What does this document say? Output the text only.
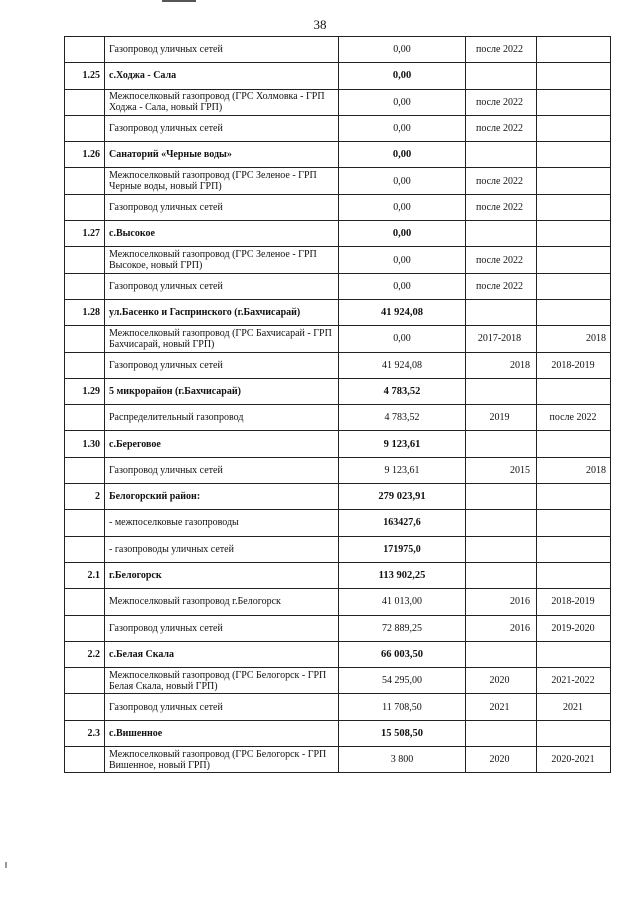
38
	Газопровод уличных сетей	0,00	после 2022	
1.25	с.Ходжа - Сала	0,00		
	Межпоселковый газопровод (ГРС Холмовка - ГРП Ходжа - Сала, новый ГРП)	0,00	после 2022	
	Газопровод уличных сетей	0,00	после 2022	
1.26	Санаторий «Черные воды»	0,00		
	Межпоселковый газопровод (ГРС Зеленое - ГРП Черные воды, новый ГРП)	0,00	после 2022	
	Газопровод уличных сетей	0,00	после 2022	
1.27	с.Высокое	0,00		
	Межпоселковый газопровод (ГРС Зеленое - ГРП Высокое, новый ГРП)	0,00	после 2022	
	Газопровод уличных сетей	0,00	после 2022	
1.28	ул.Басенко и Гаспринского (г.Бахчисарай)	41 924,08		
	Межпоселковый газопровод (ГРС Бахчисарай - ГРП Бахчисарай, новый ГРП)	0,00	2017-2018	2018
	Газопровод уличных сетей	41 924,08	2018	2018-2019
1.29	5 микрорайон (г.Бахчисарай)	4 783,52		
	Распределительный газопровод	4 783,52	2019	после 2022
1.30	с.Береговое	9 123,61		
	Газопровод уличных сетей	9 123,61	2015	2018
2	Белогорский район:	279 023,91		
	- межпоселковые газопроводы	163427,6		
	- газопроводы уличных сетей	171975,0		
2.1	г.Белогорск	113 902,25		
	Межпоселковый газопровод г.Белогорск	41 013,00	2016	2018-2019
	Газопровод уличных сетей	72 889,25	2016	2019-2020
2.2	с.Белая Скала	66 003,50		
	Межпоселковый газопровод (ГРС Белогорск - ГРП Белая Скала, новый ГРП)	54 295,00	2020	2021-2022
	Газопровод уличных сетей	11 708,50	2021	2021
2.3	с.Вишенное	15 508,50		
	Межпоселковый газопровод (ГРС Белогорск - ГРП Вишенное, новый ГРП)	3 800	2020	2020-2021
